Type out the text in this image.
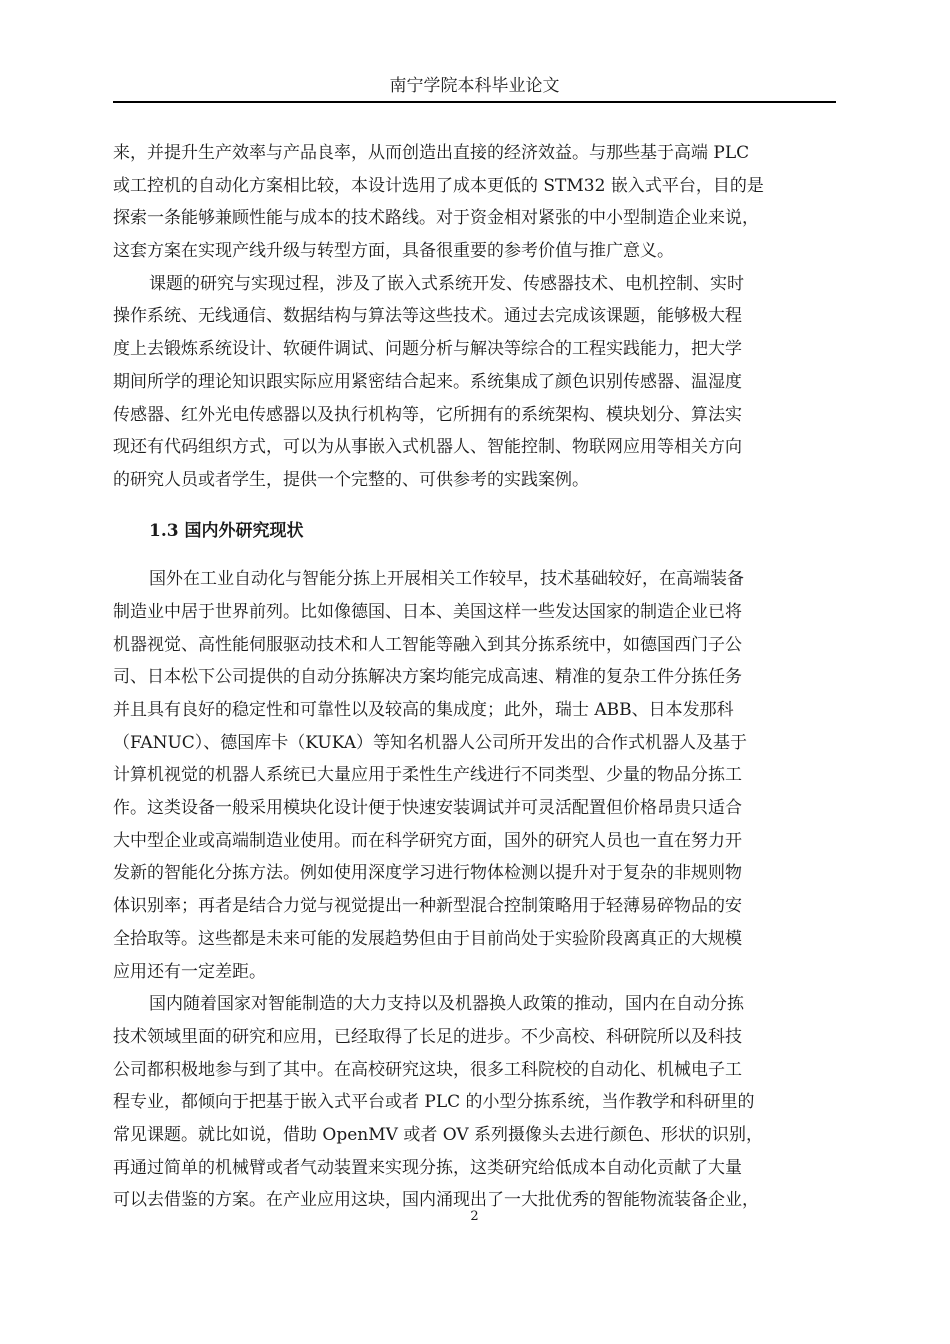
南宁学院本科毕业论文
来，并提升生产效率与产品良率，从而创造出直接的经济效益。与那些基于高端 PLC
或工控机的自动化方案相比较，本设计选用了成本更低的 STM32 嵌入式平台，目的是
探索一条能够兼顾性能与成本的技术路线。对于资金相对紧张的中小型制造企业来说，
这套方案在实现产线升级与转型方面，具备很重要的参考价值与推广意义。
课题的研究与实现过程，涉及了嵌入式系统开发、传感器技术、电机控制、实时
操作系统、无线通信、数据结构与算法等这些技术。通过去完成该课题，能够极大程
度上去锻炼系统设计、软硬件调试、问题分析与解决等综合的工程实践能力，把大学
期间所学的理论知识跟实际应用紧密结合起来。系统集成了颜色识别传感器、温湿度
传感器、红外光电传感器以及执行机构等，它所拥有的系统架构、模块划分、算法实
现还有代码组织方式，可以为从事嵌入式机器人、智能控制、物联网应用等相关方向
的研究人员或者学生，提供一个完整的、可供参考的实践案例。
1.3 国内外研究现状
国外在工业自动化与智能分拣上开展相关工作较早，技术基础较好，在高端装备
制造业中居于世界前列。比如像德国、日本、美国这样一些发达国家的制造企业已将
机器视觉、高性能伺服驱动技术和人工智能等融入到其分拣系统中，如德国西门子公
司、日本松下公司提供的自动分拣解决方案均能完成高速、精准的复杂工件分拣任务
并且具有良好的稳定性和可靠性以及较高的集成度；此外，瑞士 ABB、日本发那科
（FANUC）、德国库卡（KUKA）等知名机器人公司所开发出的合作式机器人及基于
计算机视觉的机器人系统已大量应用于柔性生产线进行不同类型、少量的物品分拣工
作。这类设备一般采用模块化设计便于快速安装调试并可灵活配置但价格昂贵只适合
大中型企业或高端制造业使用。而在科学研究方面，国外的研究人员也一直在努力开
发新的智能化分拣方法。例如使用深度学习进行物体检测以提升对于复杂的非规则物
体识别率；再者是结合力觉与视觉提出一种新型混合控制策略用于轻薄易碎物品的安
全拾取等。这些都是未来可能的发展趋势但由于目前尚处于实验阶段离真正的大规模
应用还有一定差距。
国内随着国家对智能制造的大力支持以及机器换人政策的推动，国内在自动分拣
技术领域里面的研究和应用，已经取得了长足的进步。不少高校、科研院所以及科技
公司都积极地参与到了其中。在高校研究这块，很多工科院校的自动化、机械电子工
程专业，都倾向于把基于嵌入式平台或者 PLC 的小型分拣系统，当作教学和科研里的
常见课题。就比如说，借助 OpenMV 或者 OV 系列摄像头去进行颜色、形状的识别，
再通过简单的机械臂或者气动装置来实现分拣，这类研究给低成本自动化贡献了大量
可以去借鉴的方案。在产业应用这块，国内涌现出了一大批优秀的智能物流装备企业，
2
